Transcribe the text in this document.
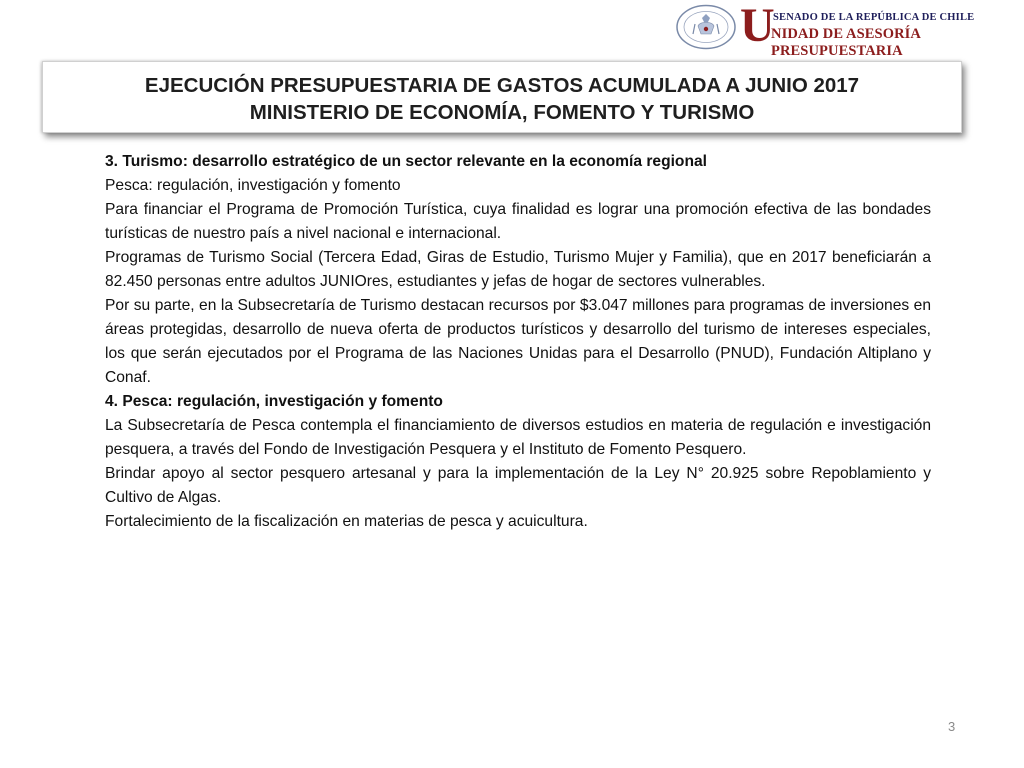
U
SENADO DE LA REPÚBLICA DE CHILE
NIDAD DE ASESORÍA PRESUPUESTARIA
EJECUCIÓN PRESUPUESTARIA DE GASTOS ACUMULADA A JUNIO 2017
MINISTERIO DE ECONOMÍA, FOMENTO Y TURISMO

3. Turismo: desarrollo estratégico de un sector relevante en la economía regional

Pesca: regulación, investigación y fomento

Para financiar el Programa de Promoción Turística, cuya finalidad es lograr una promoción efectiva de las bondades turísticas de nuestro país a nivel nacional e internacional.

Programas de Turismo Social (Tercera Edad, Giras de Estudio, Turismo Mujer y Familia), que en 2017 beneficiarán a 82.450 personas entre adultos JUNIOres, estudiantes y jefas de hogar de sectores vulnerables.

Por su parte, en la Subsecretaría de Turismo destacan recursos por $3.047 millones para programas de inversiones en áreas protegidas, desarrollo de nueva oferta de productos turísticos y desarrollo del turismo de intereses especiales, los que serán ejecutados por el Programa de las Naciones Unidas para el Desarrollo (PNUD), Fundación Altiplano y Conaf.

4. Pesca: regulación, investigación y fomento

La Subsecretaría de Pesca contempla el financiamiento de diversos estudios en materia de regulación e investigación pesquera, a través del Fondo de Investigación Pesquera y el Instituto de Fomento Pesquero.

Brindar apoyo al sector pesquero artesanal y para la implementación de la Ley N° 20.925 sobre Repoblamiento y Cultivo de Algas.

Fortalecimiento de la fiscalización en materias de pesca y acuicultura.

3
